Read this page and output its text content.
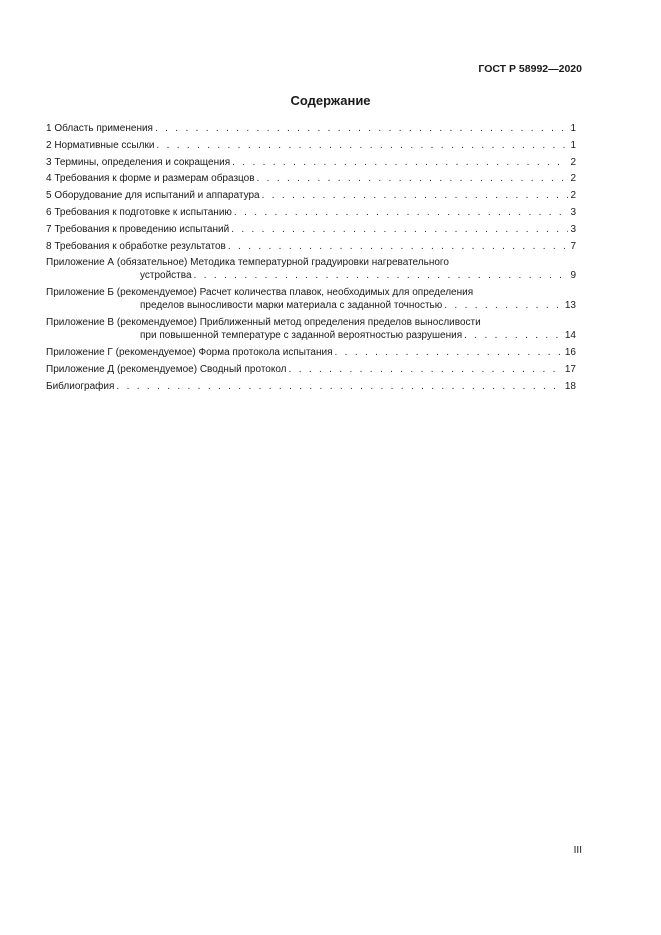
ГОСТ Р 58992—2020
Содержание
1 Область применения . . .	1
2 Нормативные ссылки . . .	1
3 Термины, определения и сокращения . . .	2
4 Требования к форме и размерам образцов . . .	2
5 Оборудование для испытаний и аппаратура . . .	2
6 Требования к подготовке к испытанию . . .	3
7 Требования к проведению испытаний . . .	3
8 Требования к обработке результатов . . .	7
Приложение А (обязательное) Методика температурной градуировки нагревательного
устройства . . .	9
Приложение Б (рекомендуемое) Расчет количества плавок, необходимых для определения
пределов выносливости марки материала с заданной точностью . . .	13
Приложение В (рекомендуемое) Приближенный метод определения пределов выносливости
при повышенной температуре с заданной вероятностью разрушения . . .	14
Приложение Г (рекомендуемое) Форма протокола испытания . . .	16
Приложение Д (рекомендуемое) Сводный протокол . . .	17
Библиография . . .	18
III
